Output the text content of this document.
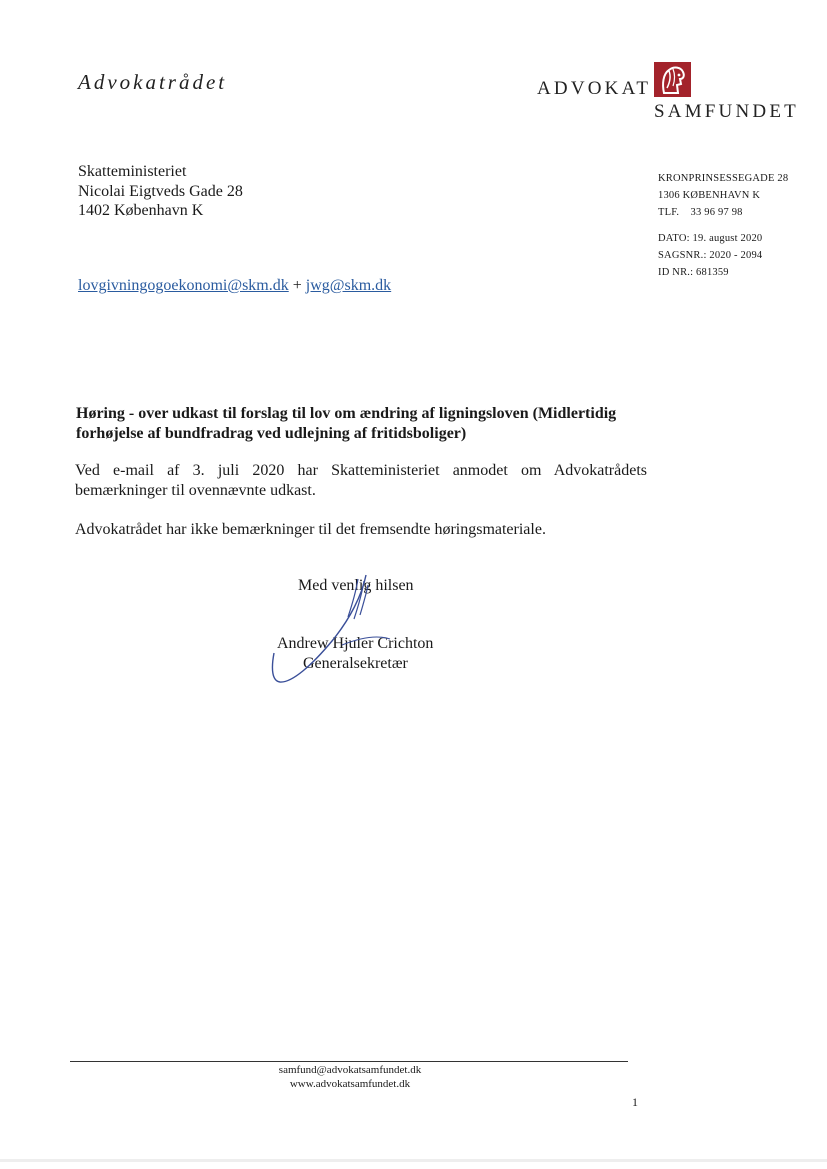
Advokatrådet	ADVOKAT
SAMFUNDET
Skatteministeriet
Nicolai Eigtveds Gade 28
1402 København K
KRONPRINSESSEGADE 28
1306 KØBENHAVN K
TLF.    33 96 97 98
DATO: 19. august 2020
SAGSNR.: 2020 - 2094
ID NR.: 681359
lovgivningogoekonomi@skm.dk + jwg@skm.dk
Høring - over udkast til forslag til lov om ændring af ligningsloven (Midlertidig forhøjelse af bundfradrag ved udlejning af fritidsboliger)
Ved e-mail af 3. juli 2020 har Skatteministeriet anmodet om Advokatrådets bemærkninger til ovennævnte udkast.
Advokatrådet har ikke bemærkninger til det fremsendte høringsmateriale.
Med venlig hilsen
Andrew Hjuler Crichton
Generalsekretær
samfund@advokatsamfundet.dk
www.advokatsamfundet.dk
1
